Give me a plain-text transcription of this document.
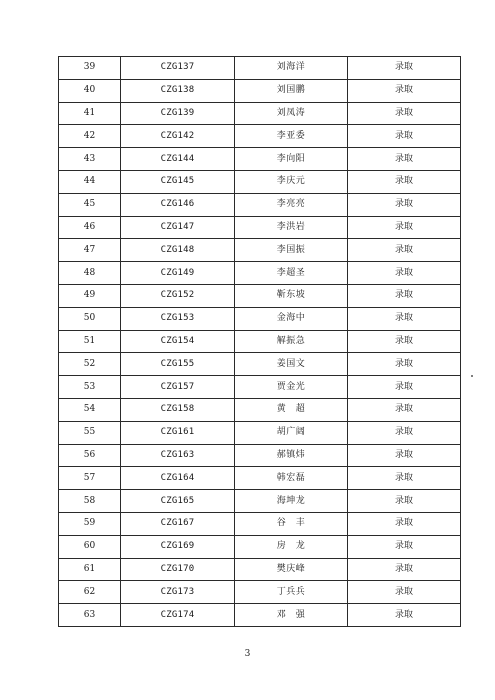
39	CZG137	刘海洋	录取
40	CZG138	刘国鹏	录取
41	CZG139	刘凤涛	录取
42	CZG142	李亚委	录取
43	CZG144	李向阳	录取
44	CZG145	李庆元	录取
45	CZG146	李亮亮	录取
46	CZG147	李洪岩	录取
47	CZG148	李国振	录取
48	CZG149	李超圣	录取
49	CZG152	靳东坡	录取
50	CZG153	金海中	录取
51	CZG154	解振急	录取
52	CZG155	姜国文	录取
53	CZG157	贾金光	录取
54	CZG158	黄　超	录取
55	CZG161	胡广阔	录取
56	CZG163	郝镇炜	录取
57	CZG164	韩宏磊	录取
58	CZG165	海坤龙	录取
59	CZG167	谷　丰	录取
60	CZG169	房　龙	录取
61	CZG170	樊庆峰	录取
62	CZG173	丁兵兵	录取
63	CZG174	邓　强	录取
3
